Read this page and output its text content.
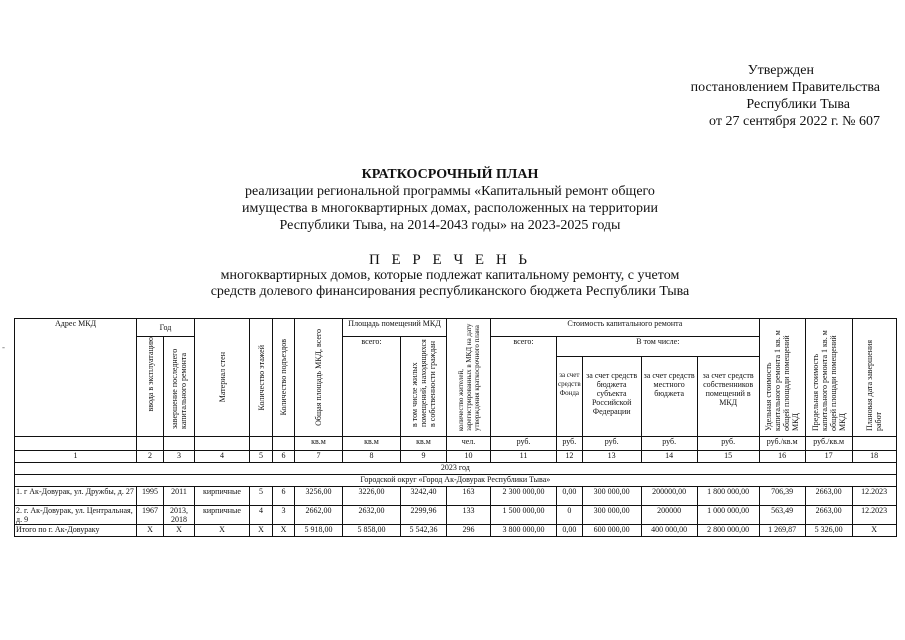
-
Утвержден
постановлением Правительства
Республики Тыва
от 27 сентября 2022 г. № 607
КРАТКОСРОЧНЫЙ ПЛАН
реализации региональной программы «Капитальный ремонт общего
имущества в многоквартирных домах, расположенных на территории
Республики Тыва, на 2014-2043 годы» на 2023-2025 годы
П Е Р Е Ч Е Н Ь
многоквартирных домов, которые подлежат капитальному ремонту, с учетом
средств долевого финансирования республиканского бюджета Республики Тыва
Адрес МКД	Год		Материал стен	Количество этажей	Количество подъездов	Общая площадь МКД, всего	Площадь помещений МКД		количество жителей, зарегистрированных в МКД на дату утверждения краткосрочного плана	Стоимость капитального ремонта					Удельная стоимость капитального ремонта 1 кв. м общей площади помещений МКД	Предельная стоимость капитального ремонта 1 кв. м общей площади помещений МКД	Плановая дата завершения работ

	ввода в эксплуатацию	завершение последнего капитального ремонта					всего:	в том числе жилых помещений, находящихся в собственности граждан		всего:	В том числе:						
											за счет средств Фонда	за счет средств бюджета субъекта Российской Федерации	за счет средств местного бюджета	за счет средств собственников помещений в МКД			
						кв.м	кв.м	кв.м	чел.	руб.	руб.	руб.	руб.	руб.	руб./кв.м	руб./кв.м	
1	2	3	4	5	6	7	8	9	10	11	12	13	14	15	16	17	18
2023 год																	
Городской округ «Город Ак-Довурак Республики Тыва»																	
1. г Ак-Довурак, ул. Дружбы, д. 27	1995	2011	кирпичные	5	6	3256,00	3226,00	3242,40	163	2 300 000,00	0,00	300 000,00	200000,00	1 800 000,00	706,39	2663,00	12.2023
2. г. Ак-Довурак, ул. Центральная, д. 9	1967	2013, 2018	кирпичные	4	3	2662,00	2632,00	2299,96	133	1 500 000,00	0	300 000,00	200000	1 000 000,00	563,49	2663,00	12.2023
Итого по г. Ак-Довураку	X	X	X	X	X	5 918,00	5 858,00	5 542,36	296	3 800 000,00	0,00	600 000,00	400 000,00	2 800 000,00	1 269,87	5 326,00	X
